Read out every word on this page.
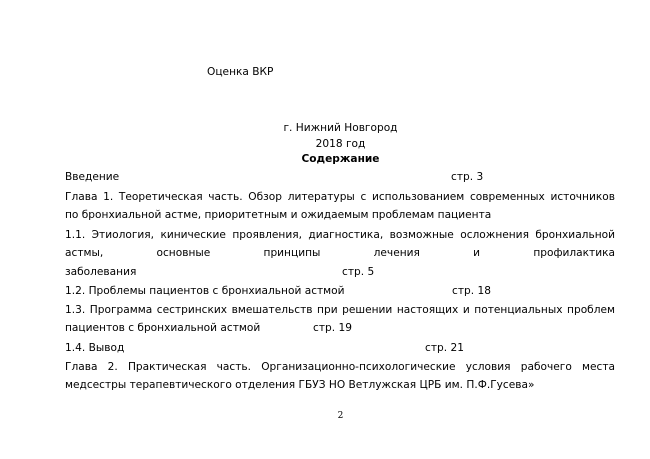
Оценка ВКР
г. Нижний Новгород
2018 год
Содержание
Введение	стр. 3
Глава 1. Теоретическая часть. Обзор литературы с использованием современных источников
по бронхиальной астме, приоритетным и ожидаемым проблемам пациента
1.1. Этиология, кинические проявления, диагностика, возможные осложнения бронхиальной
астмы,	основные	принципы	лечения	и	профилактика
заболевания	стр. 5
1.2. Проблемы пациентов с бронхиальной астмой	стр. 18
1.3. Программа сестринских вмешательств при решении настоящих и потенциальных проблем
пациентов с бронхиальной астмой	стр. 19
1.4. Вывод	стр. 21
Глава 2. Практическая часть. Организационно-психологические условия рабочего места
медсестры терапевтического отделения ГБУЗ НО Ветлужская ЦРБ им. П.Ф.Гусева»
2
